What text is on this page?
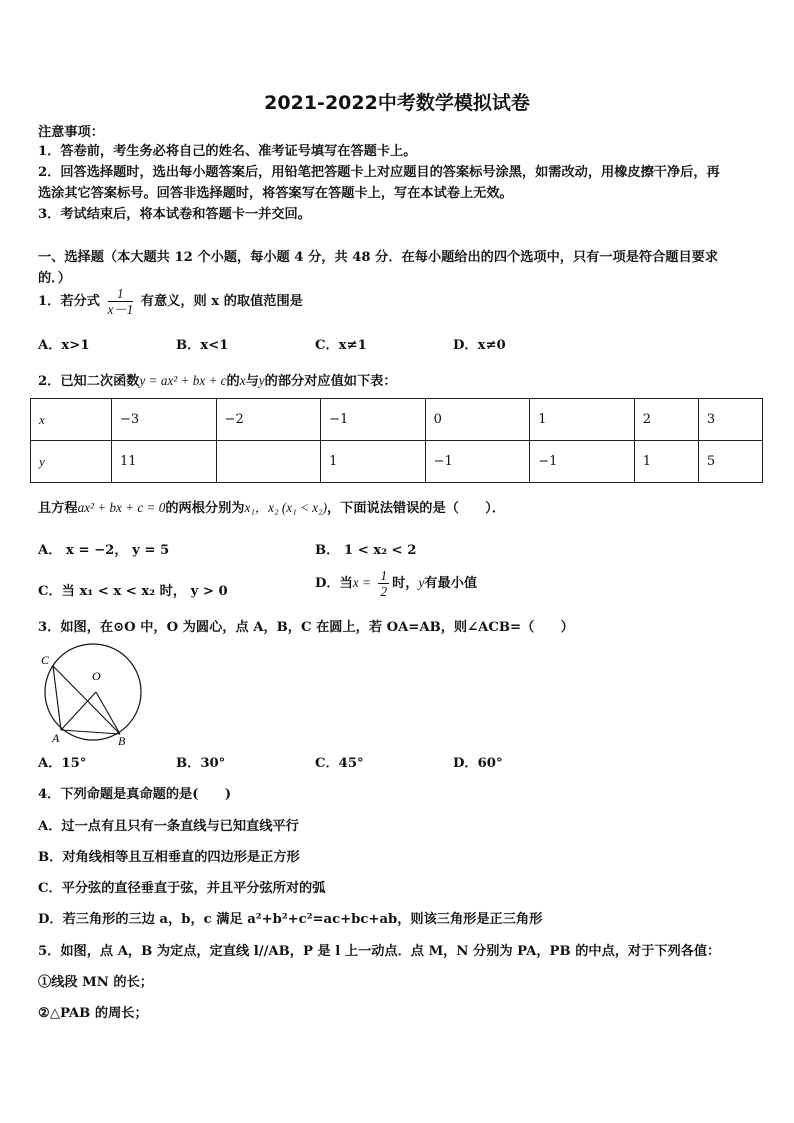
2021-2022中考数学模拟试卷
注意事项：
1．答卷前，考生务必将自己的姓名、准考证号填写在答题卡上。
2．回答选择题时，选出每小题答案后，用铅笔把答题卡上对应题目的答案标号涂黑，如需改动，用橡皮擦干净后，再
选涂其它答案标号。回答非选择题时，将答案写在答题卡上，写在本试卷上无效。
3．考试结束后，将本试卷和答题卡一并交回。
一、选择题（本大题共 12 个小题，每小题 4 分，共 48 分．在每小题给出的四个选项中，只有一项是符合题目要求
的．）
1．若分式 $\frac{1}{x-1}$ 有意义，则 x 的取值范围是
A．x>1	B．x<1	C．x≠1	D．x≠0
2．已知二次函数y = ax² + bx + c的x与y的部分对应值如下表：
x	−3	−2	−1	0	1	2	3
y	11		1	−1	−1	1	5
且方程ax² + bx + c = 0的两根分别为x₁，x₂ (x₁ < x₂)，下面说法错误的是（　　）．
A． x = −2， y = 5	B． 1 < x₂ < 2
C．当 x₁ < x < x₂ 时， y > 0
D．当$x = \frac{1}{2}$ 时，y有最小值
3．如图，在⊙O 中，O 为圆心，点 A，B，C 在圆上，若 OA=AB，则∠ACB=（　　）
C
O
A	B
A．15°	B．30°	C．45°	D．60°
4．下列命题是真命题的是(　　)
A．过一点有且只有一条直线与已知直线平行
B．对角线相等且互相垂直的四边形是正方形
C．平分弦的直径垂直于弦，并且平分弦所对的弧
D．若三角形的三边 a，b，c 满足 a²+b²+c²=ac+bc+ab，则该三角形是正三角形
5．如图，点 A，B 为定点，定直线 l//AB，P 是 l 上一动点．点 M，N 分别为 PA，PB 的中点，对于下列各值：
①线段 MN 的长；
②△PAB 的周长；
